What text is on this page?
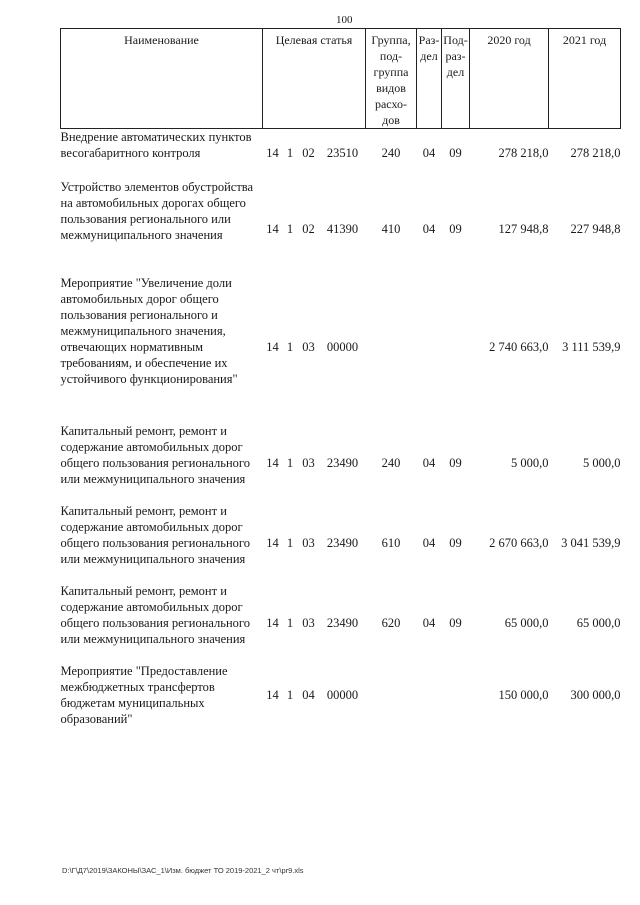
100
Наименование	Целевая статья				Группа, под-группа видов расхо-дов	Раз-дел	Под-раз-дел	2020 год	2021 год
Внедрение автоматических пунктов весогабаритного контроля	14	1	02	23510	240	04	09	278 218,0	278 218,0
Устройство элементов обустройства на автомобильных дорогах общего пользования регионального или межмуниципального значения	14	1	02	41390	410	04	09	127 948,8	227 948,8
Мероприятие "Увеличение доли автомобильных дорог общего пользования регионального и межмуниципального значения, отвечающих нормативным требованиям, и обеспечение их устойчивого функционирования"	14	1	03	00000				2 740 663,0	3 111 539,9
Капитальный ремонт, ремонт и содержание автомобильных дорог общего пользования регионального или межмуниципального значения	14	1	03	23490	240	04	09	5 000,0	5 000,0
Капитальный ремонт, ремонт и содержание автомобильных дорог общего пользования регионального или межмуниципального значения	14	1	03	23490	610	04	09	2 670 663,0	3 041 539,9
Капитальный ремонт, ремонт и содержание автомобильных дорог общего пользования регионального или межмуниципального значения	14	1	03	23490	620	04	09	65 000,0	65 000,0
Мероприятие "Предоставление межбюджетных трансфертов бюджетам муниципальных образований"	14	1	04	00000				150 000,0	300 000,0
D:\Г\Д7\2019\ЗАКОНЫ\ЗАС_1\Изм. бюджет ТО 2019-2021_2 чт\pr9.xls
